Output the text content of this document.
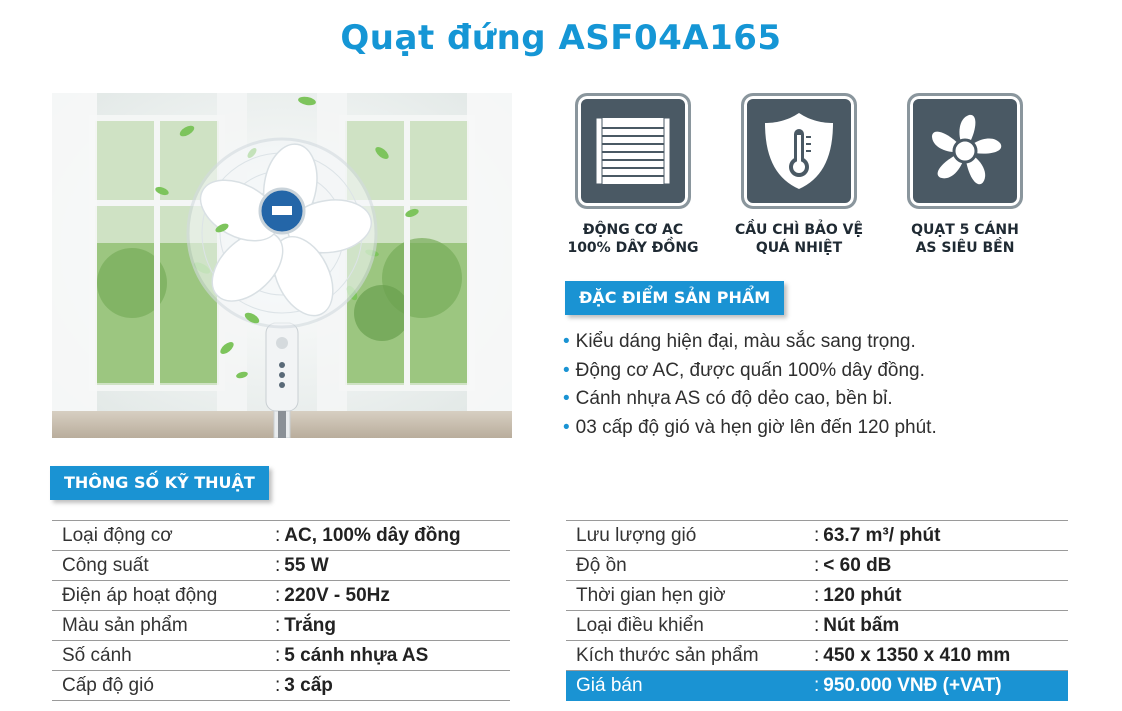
Quạt đứng ASF04A165
ĐỘNG CƠ AC
100% DÂY ĐỒNG
CẦU CHÌ BẢO VỆ
QUÁ NHIỆT
QUẠT 5 CÁNH
AS SIÊU BỀN
ĐẶC ĐIỂM SẢN PHẨM
• Kiểu dáng hiện đại, màu sắc sang trọng.
• Động cơ AC, được quấn 100% dây đồng.
• Cánh nhựa AS có độ dẻo cao, bền bỉ.
• 03 cấp độ gió và hẹn giờ lên đến 120 phút.
THÔNG SỐ KỸ THUẬT
Loại động cơ	: AC, 100% dây đồng
Công suất	: 55 W
Điện áp hoạt động	: 220V - 50Hz
Màu sản phẩm	: Trắng
Số cánh	: 5 cánh nhựa AS
Cấp độ gió	: 3 cấp
Lưu lượng gió	: 63.7 m³/ phút
Độ ồn	: < 60 dB
Thời gian hẹn giờ	: 120 phút
Loại điều khiển	: Nút bấm
Kích thước sản phẩm	: 450 x 1350 x 410 mm
Giá bán	: 950.000 VNĐ (+VAT)
